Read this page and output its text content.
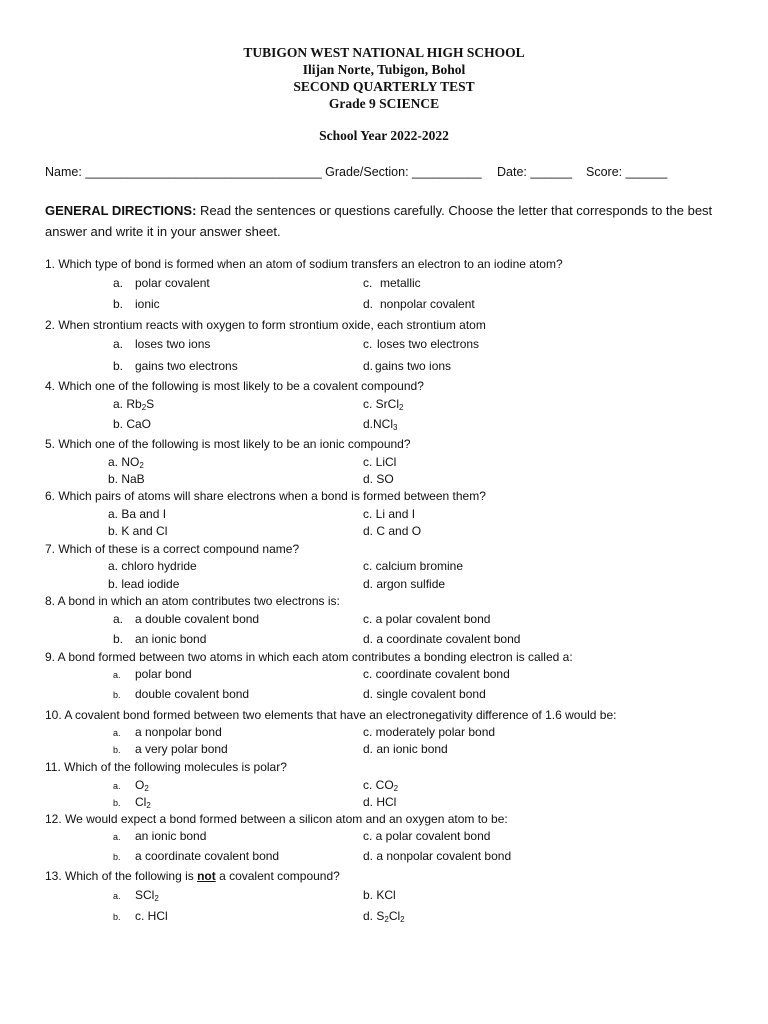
TUBIGON WEST NATIONAL HIGH SCHOOL
Ilijan Norte, Tubigon, Bohol
SECOND QUARTERLY TEST
Grade 9 SCIENCE
School Year 2022-2022
Name: __________________________________ Grade/Section: __________ Date: ______ Score: ______
GENERAL DIRECTIONS: Read the sentences or questions carefully. Choose the letter that corresponds to the best answer and write it in your answer sheet.
1. Which type of bond is formed when an atom of sodium transfers an electron to an iodine atom?
a. polar covalent	c. metallic
b. ionic	d. nonpolar covalent
2. When strontium reacts with oxygen to form strontium oxide, each strontium atom
a. loses two ions	c. loses two electrons
b. gains two electrons	d. gains two ions
4. Which one of the following is most likely to be a covalent compound?
a. $Rb_2S$	c. SrCl$_2$
b. CaO	d.NCl$_3$
5. Which one of the following is most likely to be an ionic compound?
a. $NO_2$	c. LiCl
b. NaB	d. SO
6. Which pairs of atoms will share electrons when a bond is formed between them?
a. Ba and I	c. Li and I
b. K and Cl	d. C and O
7. Which of these is a correct compound name?
a. chloro hydride	c. calcium bromine
b. lead iodide	d. argon sulfide
8. A bond in which an atom contributes two electrons is:
a. a double covalent bond	c. a polar covalent bond
b. an ionic bond	d. a coordinate covalent bond
9. A bond formed between two atoms in which each atom contributes a bonding electron is called a:
a. polar bond	c. coordinate covalent bond
b. double covalent bond	d. single covalent bond
10. A covalent bond formed between two elements that have an electronegativity difference of 1.6 would be:
a. a nonpolar bond	c. moderately polar bond
b. a very polar bond	d. an ionic bond
11. Which of the following molecules is polar?
a. $O_2$	c. $CO_2$
b. $Cl_2$	d. HCl
12. We would expect a bond formed between a silicon atom and an oxygen atom to be:
a. an ionic bond	c. a polar covalent bond
b. a coordinate covalent bond	d. a nonpolar covalent bond
13. Which of the following is not a covalent compound?
a. SCl$_2$	b. KCl
b. c. HCl	d. $S_2Cl_2$
